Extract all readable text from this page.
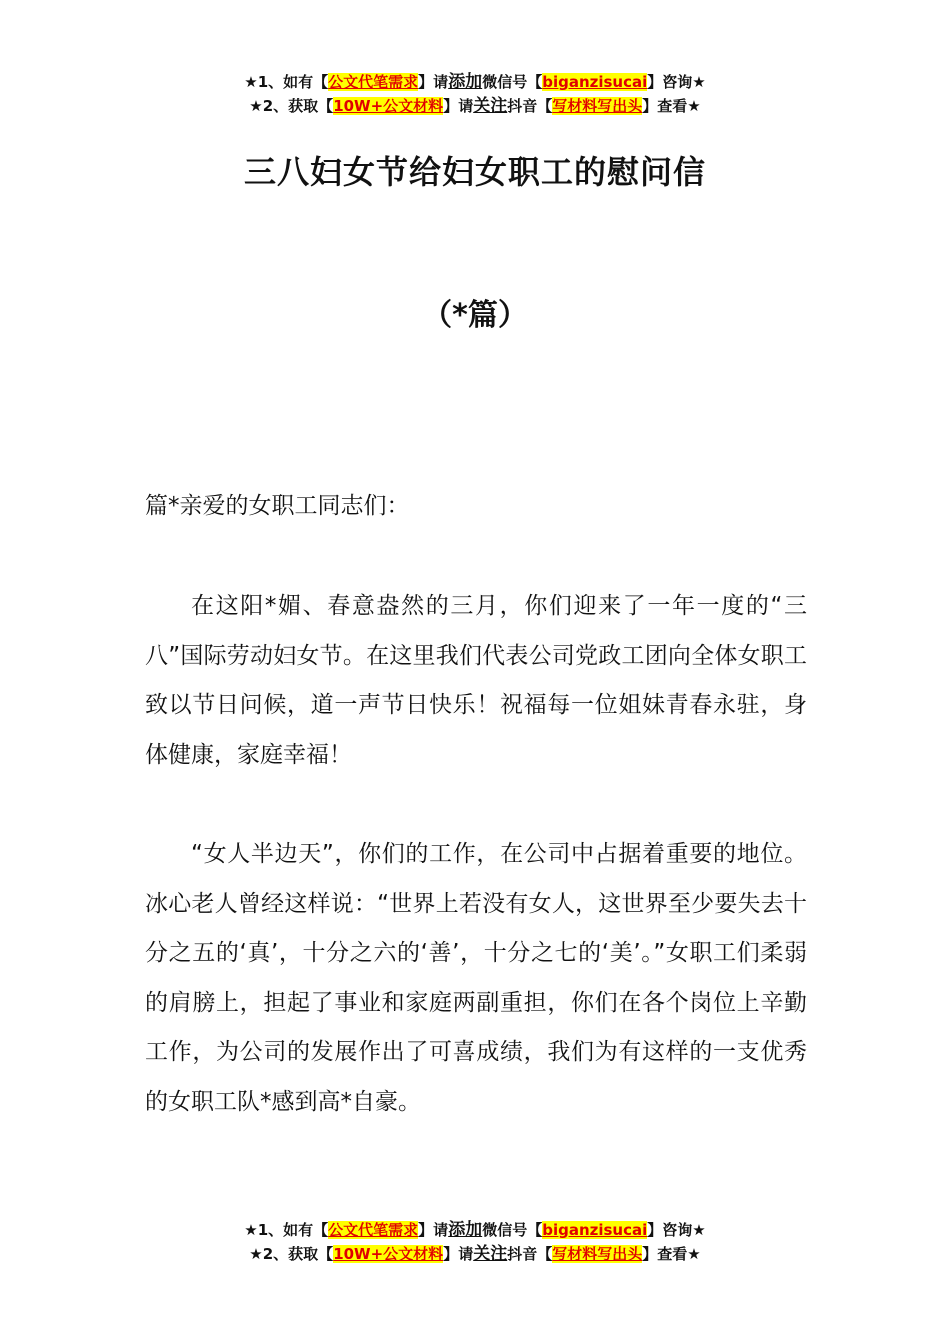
★1、如有【公文代笔需求】请添加微信号【biganzisucai】咨询★
★2、获取【10W+公文材料】请关注抖音【写材料写出头】查看★
三八妇女节给妇女职工的慰问信
（*篇）
篇*亲爱的女职工同志们：

在这阳*媚、春意盎然的三月，你们迎来了一年一度的“三八”国际劳动妇女节。在这里我们代表公司党政工团向全体女职工致以节日问候，道一声节日快乐！祝福每一位姐妹青春永驻，身体健康，家庭幸福！

“女人半边天”，你们的工作，在公司中占据着重要的地位。冰心老人曾经这样说：“世界上若没有女人，这世界至少要失去十分之五的‘真’，十分之六的‘善’，十分之七的‘美’。”女职工们柔弱的肩膀上，担起了事业和家庭两副重担，你们在各个岗位上辛勤工作，为公司的发展作出了可喜成绩，我们为有这样的一支优秀的女职工队*感到高*自豪。

★1、如有【公文代笔需求】请添加微信号【biganzisucai】咨询★
★2、获取【10W+公文材料】请关注抖音【写材料写出头】查看★
